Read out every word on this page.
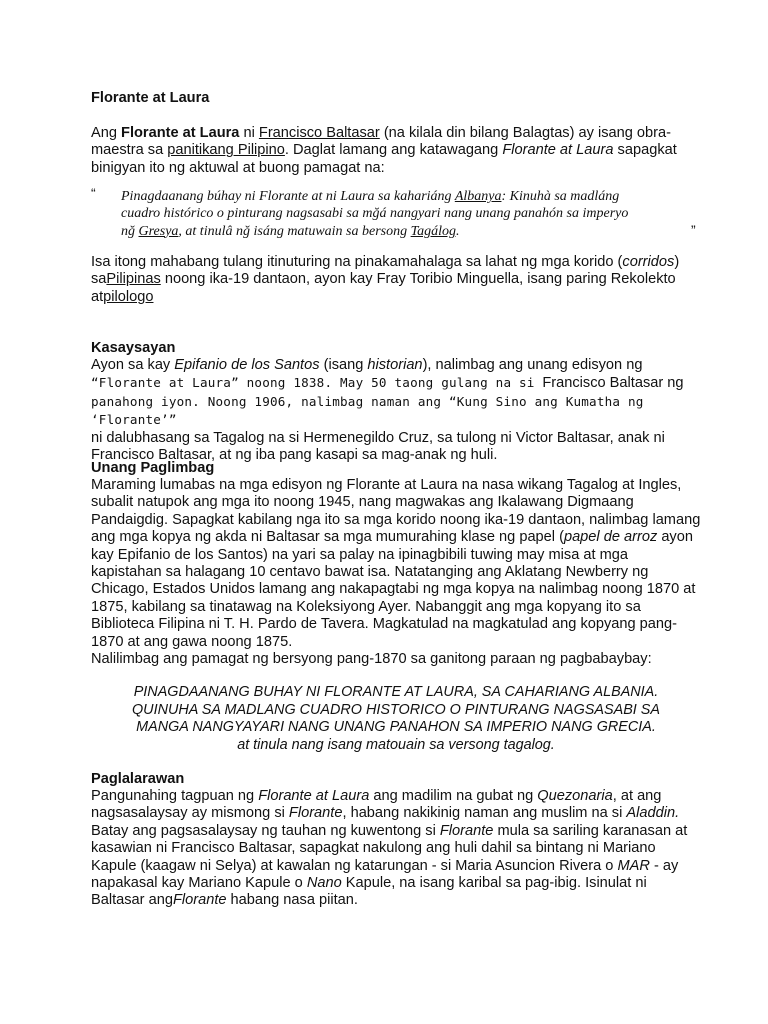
Florante at Laura
Ang Florante at Laura ni Francisco Baltasar (na kilala din bilang Balagtas) ay isang obra-maestra sa panitikang Pilipino. Daglat lamang ang katawagang Florante at Laura sapagkat binigyan ito ng aktuwal at buong pamagat na:
“ Pinagdaanang búhay ni Florante at ni Laura sa kahariáng Albanya: Kinuhà sa madláng
cuadro histórico o pinturang nagsasabi sa mğá nangyari nang unang panahón sa imperyo
nğ Gresya, at tinulâ nğ isáng matuwain sa bersong Tagálog.	”
Isa itong mahabang tulang itinuturing na pinakamahalaga sa lahat ng mga korido (corridos) saPilipinas noong ika-19 dantaon, ayon kay Fray Toribio Minguella, isang paring Rekolekto atpilologo
Kasaysayan
Ayon sa kay Epifanio de los Santos (isang historian), nalimbag ang unang edisyon ng
“Florante at Laura” noong 1838. May 50 taong gulang na si Francisco Baltasar ng
panahong iyon. Noong 1906, nalimbag naman ang “Kung Sino ang Kumatha ng ‘Florante’”
ni dalubhasang sa Tagalog na si Hermenegildo Cruz, sa tulong ni Victor Baltasar, anak ni Francisco Baltasar, at ng iba pang kasapi sa mag-anak ng huli.
Unang Paglimbag
Maraming lumabas na mga edisyon ng Florante at Laura na nasa wikang Tagalog at Ingles, subalit natupok ang mga ito noong 1945, nang magwakas ang Ikalawang Digmaang Pandaigdig. Sapagkat kabilang nga ito sa mga korido noong ika-19 dantaon, nalimbag lamang ang mga kopya ng akda ni Baltasar sa mga mumurahing klase ng papel (papel de arroz ayon kay Epifanio de los Santos) na yari sa palay na ipinagbibili tuwing may misa at mga kapistahan sa halagang 10 centavo bawat isa. Natatanging ang Aklatang Newberry ng Chicago, Estados Unidos lamang ang nakapagtabi ng mga kopya na nalimbag noong 1870 at 1875, kabilang sa tinatawag na Koleksiyong Ayer. Nabanggit ang mga kopyang ito sa Biblioteca Filipina ni T. H. Pardo de Tavera. Magkatulad na magkatulad ang kopyang pang-1870 at ang gawa noong 1875.
Nalilimbag ang pamagat ng bersyong pang-1870 sa ganitong paraan ng pagbabaybay:
PINAGDAANANG BUHAY NI FLORANTE AT LAURA, SA CAHARIANG ALBANIA.
QUINUHA SA MADLANG CUADRO HISTORICO O PINTURANG NAGSASABI SA
MANGA NANGYAYARI NANG UNANG PANAHON SA IMPERIO NANG GRECIA.
at tinula nang isang matouain sa versong tagalog.
Paglalarawan
Pangunahing tagpuan ng Florante at Laura ang madilim na gubat ng Quezonaria, at ang nagsasalaysay ay mismong si Florante, habang nakikinig naman ang muslim na si Aladdin. Batay ang pagsasalaysay ng tauhan ng kuwentong si Florante mula sa sariling karanasan at kasawian ni Francisco Baltasar, sapagkat nakulong ang huli dahil sa bintang ni Mariano Kapule (kaagaw ni Selya) at kawalan ng katarungan - si Maria Asuncion Rivera o MAR - ay napakasal kay Mariano Kapule o Nano Kapule, na isang karibal sa pag-ibig. Isinulat ni Baltasar angFlorante habang nasa piitan.
